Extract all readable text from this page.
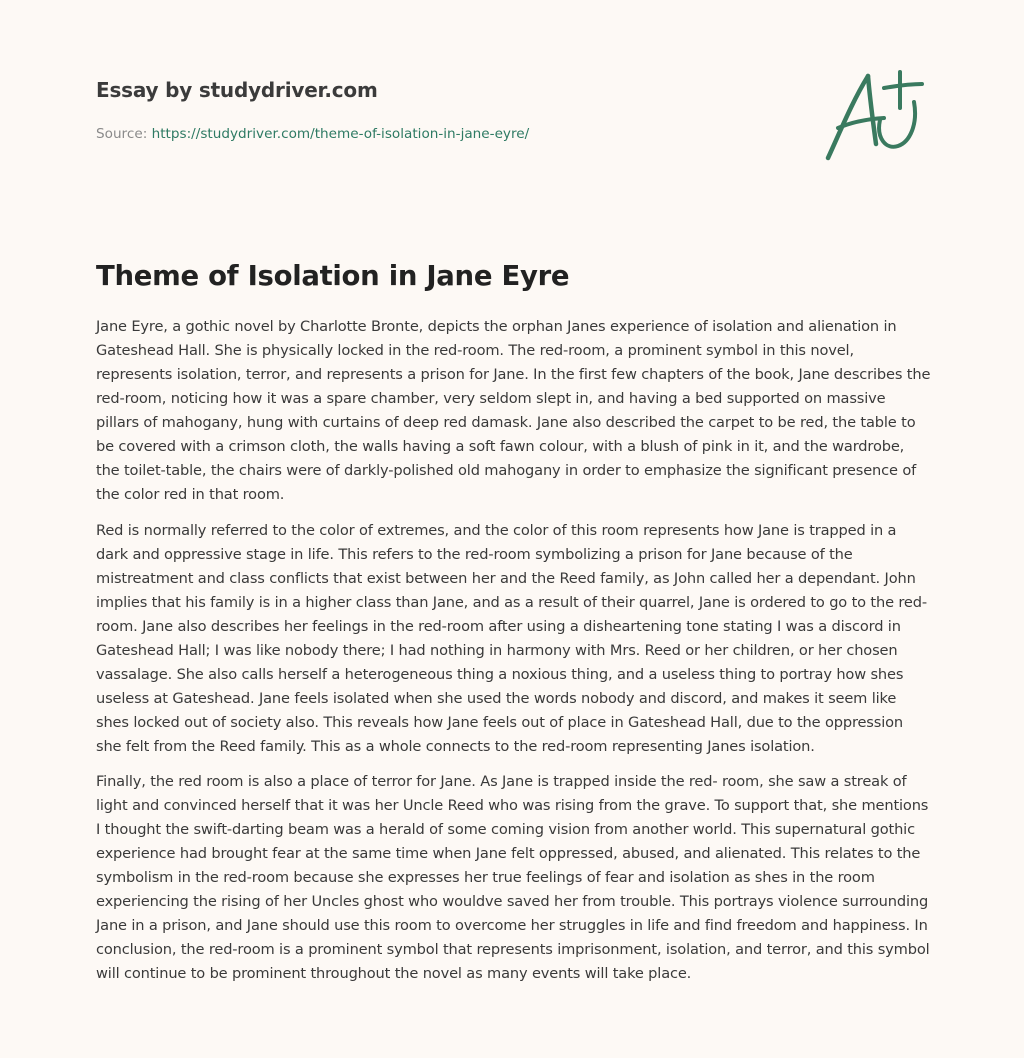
Essay by studydriver.com
Source: https://studydriver.com/theme-of-isolation-in-jane-eyre/
Theme of Isolation in Jane Eyre

Jane Eyre, a gothic novel by Charlotte Bronte, depicts the orphan Janes experience of isolation and alienation in Gateshead Hall. She is physically locked in the red-room. The red-room, a prominent symbol in this novel, represents isolation, terror, and represents a prison for Jane. In the first few chapters of the book, Jane describes the red-room, noticing how it was a spare chamber, very seldom slept in, and having a bed supported on massive pillars of mahogany, hung with curtains of deep red damask. Jane also described the carpet to be red, the table to be covered with a crimson cloth, the walls having a soft fawn colour, with a blush of pink in it, and the wardrobe, the toilet-table, the chairs were of darkly-polished old mahogany in order to emphasize the significant presence of the color red in that room.

Red is normally referred to the color of extremes, and the color of this room represents how Jane is trapped in a dark and oppressive stage in life. This refers to the red-room symbolizing a prison for Jane because of the mistreatment and class conflicts that exist between her and the Reed family, as John called her a dependant. John implies that his family is in a higher class than Jane, and as a result of their quarrel, Jane is ordered to go to the red-room. Jane also describes her feelings in the red-room after using a disheartening tone stating I was a discord in Gateshead Hall; I was like nobody there; I had nothing in harmony with Mrs. Reed or her children, or her chosen vassalage. She also calls herself a heterogeneous thing a noxious thing, and a useless thing to portray how shes useless at Gateshead. Jane feels isolated when she used the words nobody and discord, and makes it seem like shes locked out of society also. This reveals how Jane feels out of place in Gateshead Hall, due to the oppression she felt from the Reed family. This as a whole connects to the red-room representing Janes isolation.

Finally, the red room is also a place of terror for Jane. As Jane is trapped inside the red- room, she saw a streak of light and convinced herself that it was her Uncle Reed who was rising from the grave. To support that, she mentions I thought the swift-darting beam was a herald of some coming vision from another world. This supernatural gothic experience had brought fear at the same time when Jane felt oppressed, abused, and alienated. This relates to the symbolism in the red-room because she expresses her true feelings of fear and isolation as shes in the room experiencing the rising of her Uncles ghost who wouldve saved her from trouble. This portrays violence surrounding Jane in a prison, and Jane should use this room to overcome her struggles in life and find freedom and happiness. In conclusion, the red-room is a prominent symbol that represents imprisonment, isolation, and terror, and this symbol will continue to be prominent throughout the novel as many events will take place.
